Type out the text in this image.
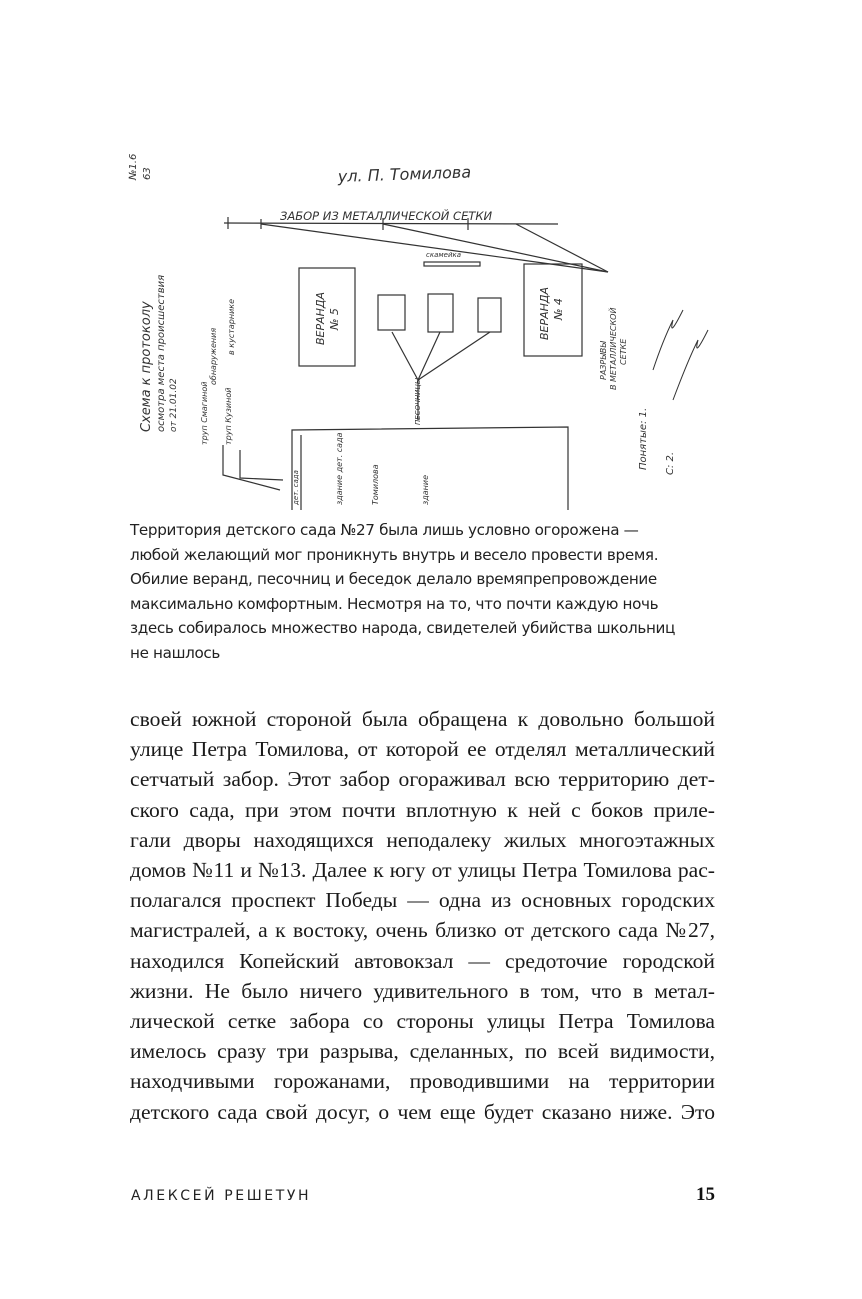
ул. П. Томилова
ЗАБОР ИЗ МЕТАЛЛИЧЕСКОЙ СЕТКИ
скамейка
ВЕРАНДА № 5	ВЕРАНДА № 4
ПЕСОЧНИЦЫ
РАЗРЫВЫ В МЕТАЛЛИЧЕСКОЙ СЕТКЕ
Схема к протоколу осмотра места происшествия от 21.01.02	труп Смагиной труп Кузиной
обнаружения
в кустарнике
дет. сада	здание дет. сада	Томилова	здание
№1.6 63
Понятые: 1. С: 2.
Территория детского сада №27 была лишь условно огорожена —
любой желающий мог проникнуть внутрь и весело провести время.
Обилие веранд, песочниц и беседок делало времяпрепровождение
максимально комфортным. Несмотря на то, что почти каждую ночь
здесь собиралось множество народа, свидетелей убийства школьниц
не нашлось
своей южной стороной была обращена к довольно большой
улице Петра Томилова, от которой ее отделял металлический
сетчатый забор. Этот забор огораживал всю территорию дет-
ского сада, при этом почти вплотную к ней с боков приле-
гали дворы находящихся неподалеку жилых многоэтажных
домов №11 и №13. Далее к югу от улицы Петра Томилова рас-
полагался проспект Победы — одна из основных городских
магистралей, а к востоку, очень близко от детского сада №27,
находился Копейский автовокзал — средоточие городской
жизни. Не было ничего удивительного в том, что в метал-
лической сетке забора со стороны улицы Петра Томилова
имелось сразу три разрыва, сделанных, по всей видимости,
находчивыми горожанами, проводившими на территории
детского сада свой досуг, о чем еще будет сказано ниже. Это
АЛЕКСЕЙ РЕШЕТУН	15
